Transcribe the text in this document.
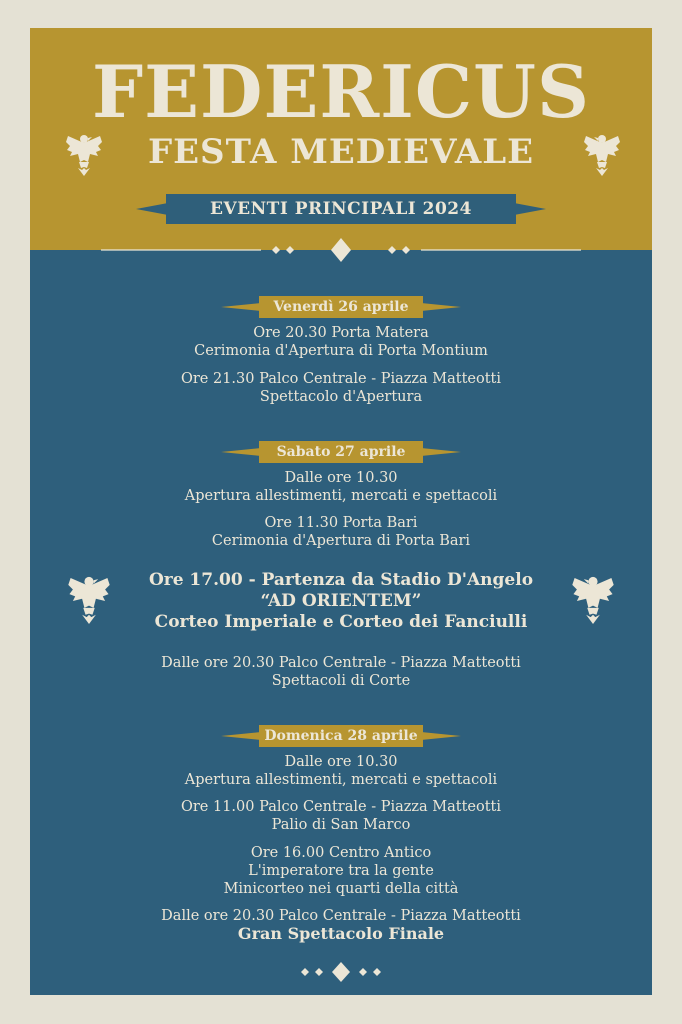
FEDERICUS
FESTA MEDIEVALE
EVENTI PRINCIPALI 2024
Venerdì 26 aprile
Ore 20.30 Porta Matera
Cerimonia d'Apertura di Porta Montium
Ore 21.30 Palco Centrale - Piazza Matteotti
Spettacolo d'Apertura
Sabato 27 aprile
Dalle ore 10.30
Apertura allestimenti, mercati e spettacoli
Ore 11.30 Porta Bari
Cerimonia d'Apertura di Porta Bari
Ore 17.00 - Partenza da Stadio D'Angelo
“AD ORIENTEM”
Corteo Imperiale e Corteo dei Fanciulli
Dalle ore 20.30 Palco Centrale - Piazza Matteotti
Spettacoli di Corte
Domenica 28 aprile
Dalle ore 10.30
Apertura allestimenti, mercati e spettacoli
Ore 11.00 Palco Centrale - Piazza Matteotti
Palio di San Marco
Ore 16.00 Centro Antico
L'imperatore tra la gente
Minicorteo nei quarti della città
Dalle ore 20.30 Palco Centrale - Piazza Matteotti
Gran Spettacolo Finale
